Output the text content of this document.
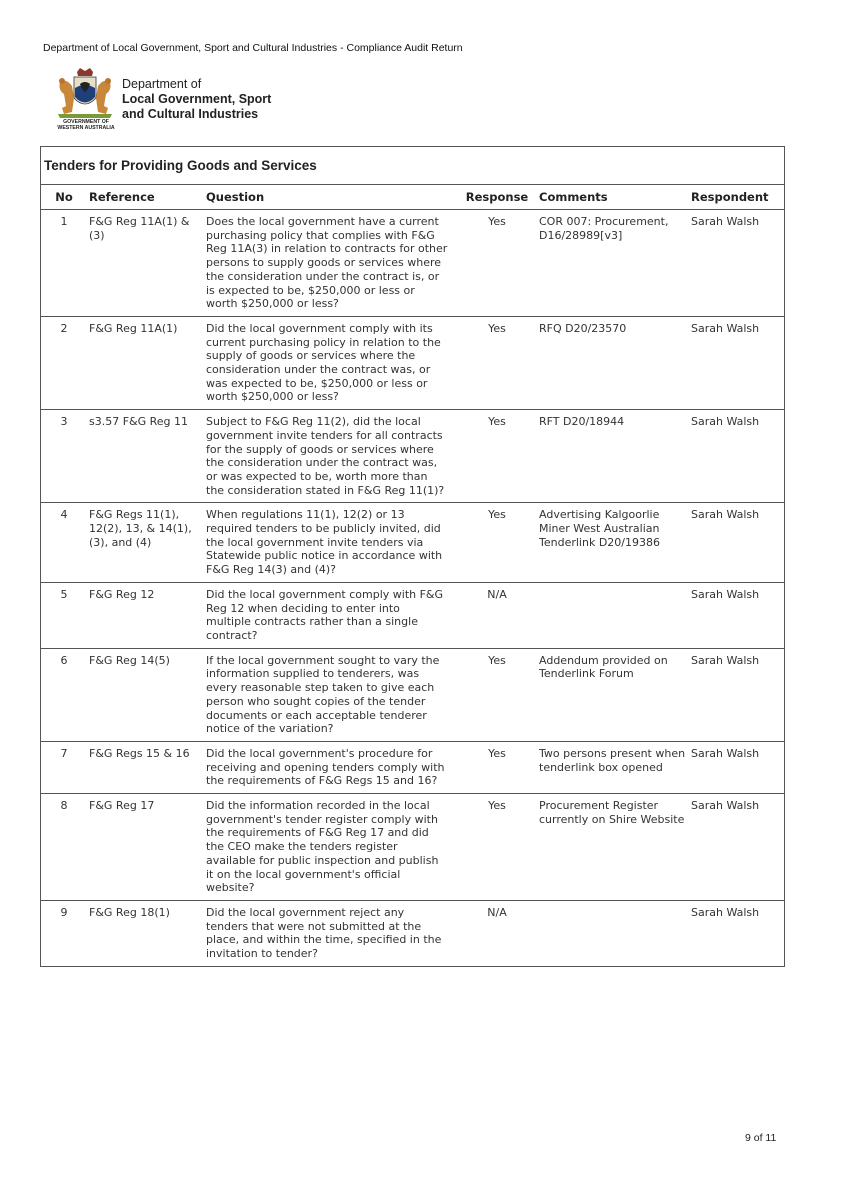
Department of Local Government, Sport and Cultural Industries - Compliance Audit Return
GOVERNMENT OF
WESTERN AUSTRALIA
Department of
Local Government, Sport
and Cultural Industries
Tenders for Providing Goods and Services
No	Reference	Question	Response	Comments	Respondent
1	F&G Reg 11A(1) & (3)	Does the local government have a current purchasing policy that complies with F&G Reg 11A(3) in relation to contracts for other persons to supply goods or services where the consideration under the contract is, or is expected to be, $250,000 or less or worth $250,000 or less?	Yes	COR 007: Procurement, D16/28989[v3]	Sarah Walsh
2	F&G Reg 11A(1)	Did the local government comply with its current purchasing policy in relation to the supply of goods or services where the consideration under the contract was, or was expected to be, $250,000 or less or worth $250,000 or less?	Yes	RFQ D20/23570	Sarah Walsh
3	s3.57 F&G Reg 11	Subject to F&G Reg 11(2), did the local government invite tenders for all contracts for the supply of goods or services where the consideration under the contract was, or was expected to be, worth more than the consideration stated in F&G Reg 11(1)?	Yes	RFT D20/18944	Sarah Walsh
4	F&G Regs 11(1), 12(2), 13, & 14(1), (3), and (4)	When regulations 11(1), 12(2) or 13 required tenders to be publicly invited, did the local government invite tenders via Statewide public notice in accordance with F&G Reg 14(3) and (4)?	Yes	Advertising Kalgoorlie Miner West Australian Tenderlink D20/19386	Sarah Walsh
5	F&G Reg 12	Did the local government comply with F&G Reg 12 when deciding to enter into multiple contracts rather than a single contract?	N/A		Sarah Walsh
6	F&G Reg 14(5)	If the local government sought to vary the information supplied to tenderers, was every reasonable step taken to give each person who sought copies of the tender documents or each acceptable tenderer notice of the variation?	Yes	Addendum provided on Tenderlink Forum	Sarah Walsh
7	F&G Regs 15 & 16	Did the local government's procedure for receiving and opening tenders comply with the requirements of F&G Regs 15 and 16?	Yes	Two persons present when tenderlink box opened	Sarah Walsh
8	F&G Reg 17	Did the information recorded in the local government's tender register comply with the requirements of F&G Reg 17 and did the CEO make the tenders register available for public inspection and publish it on the local government's official website?	Yes	Procurement Register currently on Shire Website	Sarah Walsh
9	F&G Reg 18(1)	Did the local government reject any tenders that were not submitted at the place, and within the time, specified in the invitation to tender?	N/A		Sarah Walsh
9 of 11
